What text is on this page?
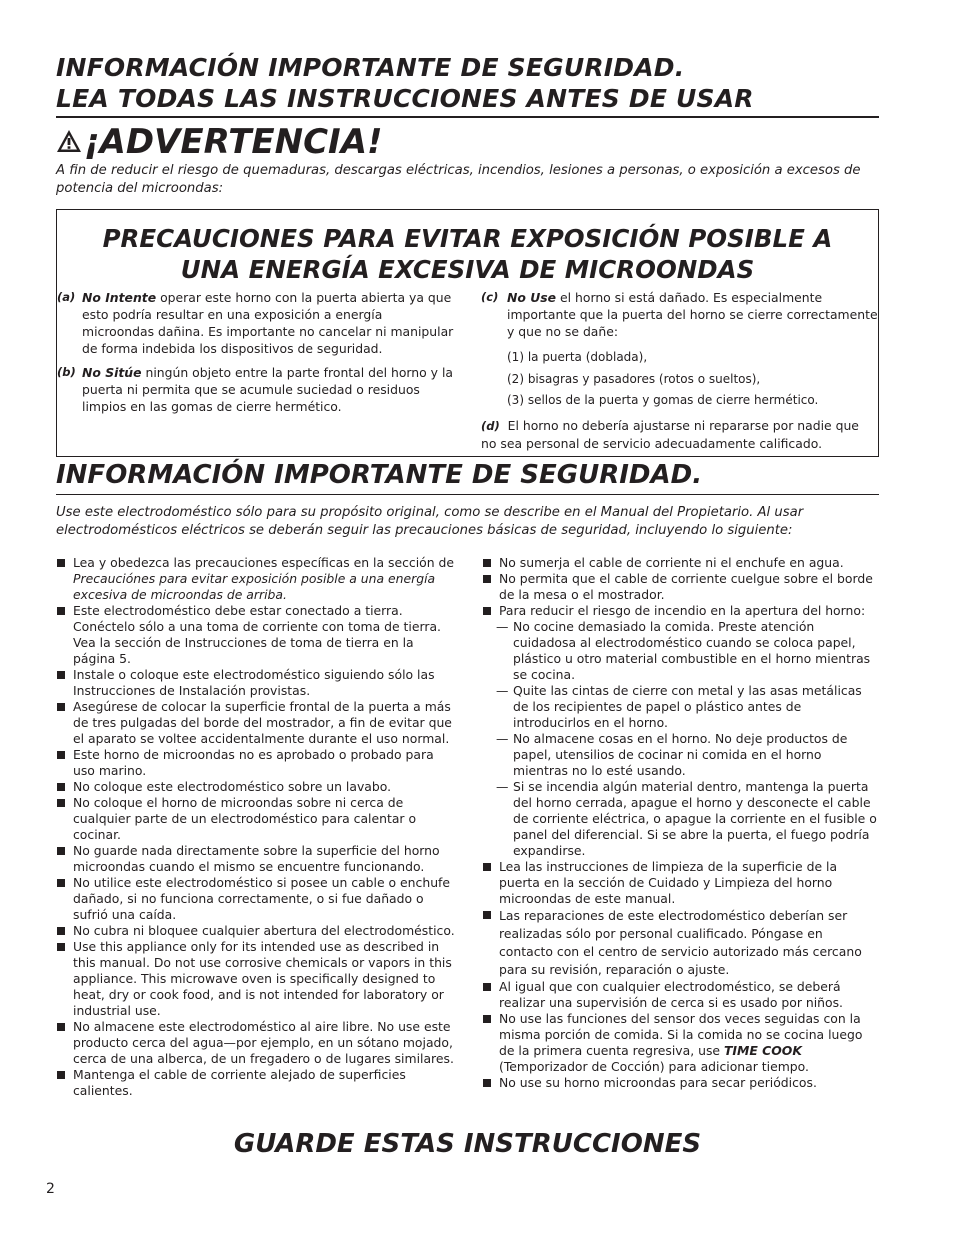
INFORMACIÓN IMPORTANTE DE SEGURIDAD.
LEA TODAS LAS INSTRUCCIONES ANTES DE USAR
¡ADVERTENCIA!
A fin de reducir el riesgo de quemaduras, descargas eléctricas, incendios, lesiones a personas, o exposición a excesos de potencia del microondas:
PRECAUCIONES PARA EVITAR EXPOSICIÓN POSIBLE A
UNA ENERGÍA EXCESIVA DE MICROONDAS
(a) No Intente operar este horno con la puerta abierta ya que esto podría resultar en una exposición a energía microondas dañina. Es importante no cancelar ni manipular de forma indebida los dispositivos de seguridad.
(b) No Sitúe ningún objeto entre la parte frontal del horno y la puerta ni permita que se acumule suciedad o residuos limpios en las gomas de cierre hermético.
(c) No Use el horno si está dañado. Es especialmente importante que la puerta del horno se cierre correctamente y que no se dañe:
(1) la puerta (doblada),
(2) bisagras y pasadores (rotos o sueltos),
(3) sellos de la puerta y gomas de cierre hermético.
(d) El horno no debería ajustarse ni repararse por nadie que no sea personal de servicio adecuadamente calificado.
INFORMACIÓN IMPORTANTE DE SEGURIDAD.
Use este electrodoméstico sólo para su propósito original, como se describe en el Manual del Propietario. Al usar electrodomésticos eléctricos se deberán seguir las precauciones básicas de seguridad, incluyendo lo siguiente:
Lea y obedezca las precauciones específicas en la sección de Precauciónes para evitar exposición posible a una energía excesiva de microondas de arriba.
Este electrodoméstico debe estar conectado a tierra. Conéctelo sólo a una toma de corriente con toma de tierra. Vea la sección de Instrucciones de toma de tierra en la página 5.
Instale o coloque este electrodoméstico siguiendo sólo las Instrucciones de Instalación provistas.
Asegúrese de colocar la superficie frontal de la puerta a más de tres pulgadas del borde del mostrador, a fin de evitar que el aparato se voltee accidentalmente durante el uso normal.
Este horno de microondas no es aprobado o probado para uso marino.
No coloque este electrodoméstico sobre un lavabo.
No coloque el horno de microondas sobre ni cerca de cualquier parte de un electrodoméstico para calentar o cocinar.
No guarde nada directamente sobre la superficie del horno microondas cuando el mismo se encuentre funcionando.
No utilice este electrodoméstico si posee un cable o enchufe dañado, si no funciona correctamente, o si fue dañado o sufrió una caída.
No cubra ni bloquee cualquier abertura del electrodoméstico.
Use this appliance only for its intended use as described in this manual. Do not use corrosive chemicals or vapors in this appliance. This microwave oven is specifically designed to heat, dry or cook food, and is not intended for laboratory or industrial use.
No almacene este electrodoméstico al aire libre. No use este producto cerca del agua—por ejemplo, en un sótano mojado, cerca de una alberca, de un fregadero o de lugares similares.
Mantenga el cable de corriente alejado de superficies calientes.
No sumerja el cable de corriente ni el enchufe en agua.
No permita que el cable de corriente cuelgue sobre el borde de la mesa o el mostrador.
Para reducir el riesgo de incendio en la apertura del horno:
— No cocine demasiado la comida. Preste atención cuidadosa al electrodoméstico cuando se coloca papel, plástico u otro material combustible en el horno mientras se cocina.
— Quite las cintas de cierre con metal y las asas metálicas de los recipientes de papel o plástico antes de introducirlos en el horno.
— No almacene cosas en el horno. No deje productos de papel, utensilios de cocinar ni comida en el horno mientras no lo esté usando.
— Si se incendia algún material dentro, mantenga la puerta del horno cerrada, apague el horno y desconecte el cable de corriente eléctrica, o apague la corriente en el fusible o panel del diferencial. Si se abre la puerta, el fuego podría expandirse.
Lea las instrucciones de limpieza de la superficie de la puerta en la sección de Cuidado y Limpieza del horno microondas de este manual.
Las reparaciones de este electrodoméstico deberían ser realizadas sólo por personal cualificado. Póngase en contacto con el centro de servicio autorizado más cercano para su revisión, reparación o ajuste.
Al igual que con cualquier electrodoméstico, se deberá realizar una supervisión de cerca si es usado por niños.
No use las funciones del sensor dos veces seguidas con la misma porción de comida. Si la comida no se cocina luego de la primera cuenta regresiva, use TIME COOK (Temporizador de Cocción) para adicionar tiempo.
No use su horno microondas para secar periódicos.
GUARDE ESTAS INSTRUCCIONES
2
